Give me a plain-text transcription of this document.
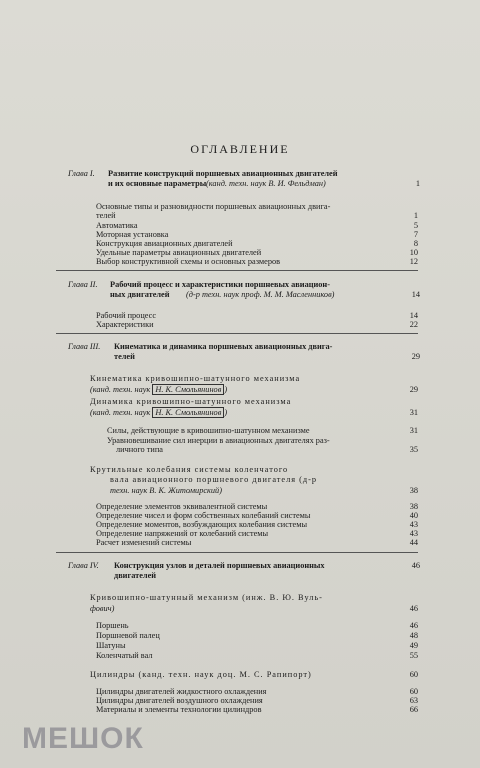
ОГЛАВЛЕНИЕ
Глава I. Развитие конструкций поршневых авиационных двигателей
и их основные параметры (канд. техн. наук В. И. Фельдман)	1
Основные типы и разновидности поршневых авиационных двига-
телей	1
Автоматика	5
Моторная установка	7
Конструкция авиационных двигателей	8
Удельные параметры авиационных двигателей	10
Выбор конструктивной схемы и основных размеров	12
Глава II. Рабочий процесс и характеристики поршневых авиацион-
ных двигателей (д-р техн. наук проф. М. М. Масленников)	14
Рабочий процесс	14
Характеристики	22
Глава III. Кинематика и динамика поршневых авиационных двига-
телей	29
Кинематика кривошипно-шатунного механизма
(канд. техн. наук Н. К. Смольянинов )	29
Динамика кривошипно-шатунного механизма
(канд. техн. наук Н. К. Смольянинов )	31
Силы, действующие в кривошипно-шатунном механизме	31
Уравновешивание сил инерции в авиационных двигателях раз-
личного типа	35
Крутильные колебания системы коленчатого
вала авиационного поршневого двигателя (д-р
техн. наук В. К. Житомирский)	38
Определение элементов эквивалентной системы	38
Определение чисел и форм собственных колебаний системы	40
Определение моментов, возбуждающих колебания системы	43
Определение напряжений от колебаний системы	43
Расчет изменений системы	44
Глава IV. Конструкция узлов и деталей поршневых авиационных	46
двигателей
Кривошипно-шатунный механизм (инж. В. Ю. Вуль-
фович)	46
Поршень	46
Поршневой палец	48
Шатуны	49
Коленчатый вал	55
Цилиндры (канд. техн. наук доц. М. С. Рапипорт)	60
Цилиндры двигателей жидкостного охлаждения	60
Цилиндры двигателей воздушного охлаждения	63
Материалы и элементы технологии цилиндров	66
МЕШОК
